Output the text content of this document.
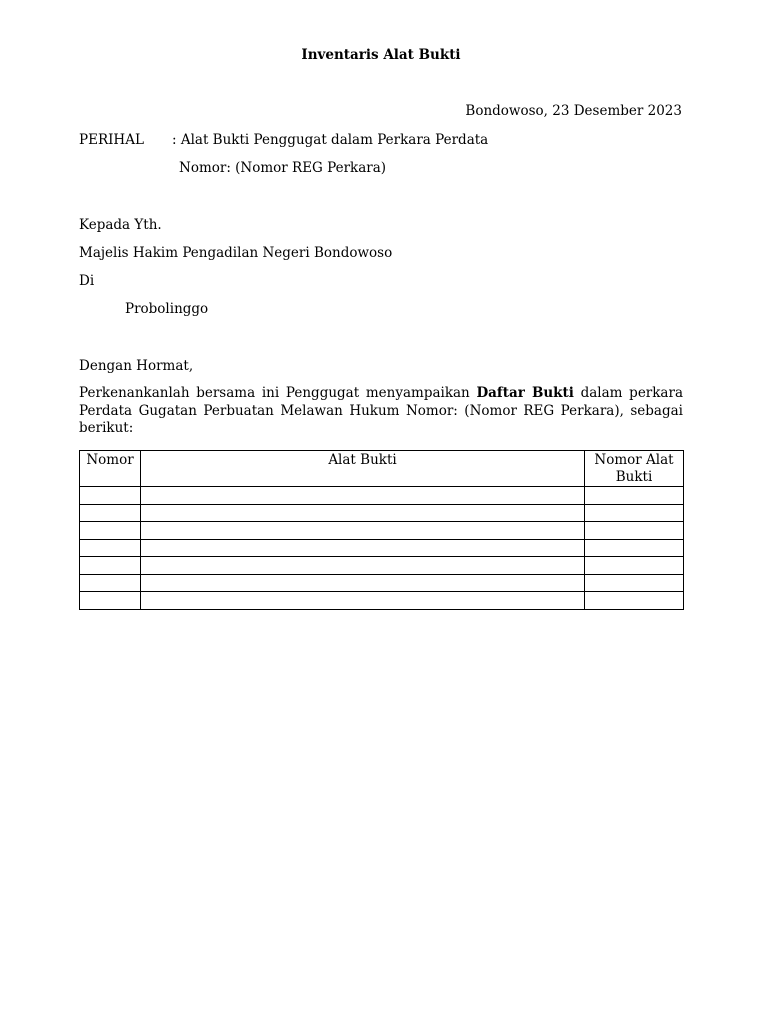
Inventaris Alat Bukti
Bondowoso, 23 Desember 2023
PERIHAL : Alat Bukti Penggugat dalam Perkara Perdata
Nomor: (Nomor REG Perkara)
Kepada Yth.
Majelis Hakim Pengadilan Negeri Bondowoso
Di
Probolinggo
Dengan Hormat,
Perkenankanlah bersama ini Penggugat menyampaikan Daftar Bukti dalam perkara Perdata Gugatan Perbuatan Melawan Hukum Nomor: (Nomor REG Perkara), sebagai berikut:
Nomor	Alat Bukti	Nomor Alat Bukti
